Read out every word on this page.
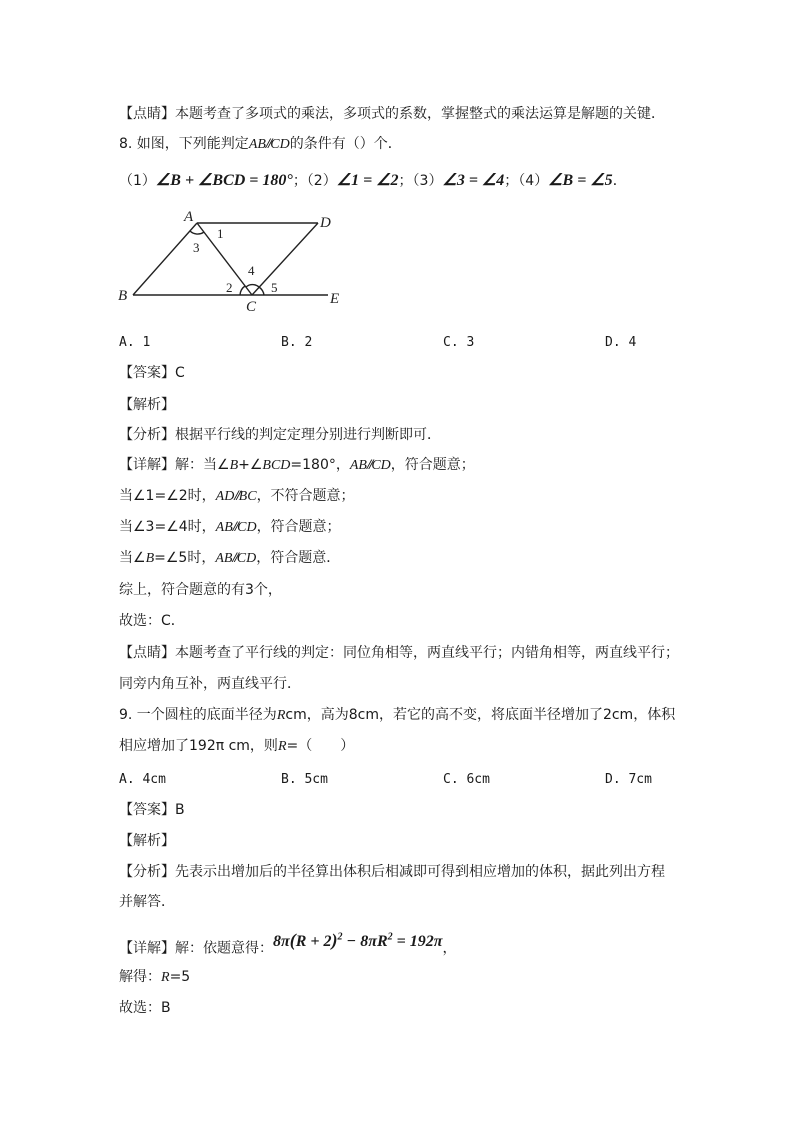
【点睛】本题考查了多项式的乘法，多项式的系数，掌握整式的乘法运算是解题的关键．
8. 如图，下列能判定AB//CD的条件有（）个．
（1）∠B + ∠BCD = 180°；（2）∠1 = ∠2；（3）∠3 = ∠4；（4）∠B = ∠5．
A
B
C
D
E
1
2
3
4
5
A. 1	B. 2	C. 3	D. 4
【答案】C
【解析】
【分析】根据平行线的判定定理分别进行判断即可．
【详解】解：当∠B+∠BCD=180°，AB//CD，符合题意；
当∠1=∠2时，AD//BC，不符合题意；
当∠3=∠4时，AB//CD，符合题意；
当∠B=∠5时，AB//CD，符合题意．
综上，符合题意的有3个，
故选：C．
【点睛】本题考查了平行线的判定：同位角相等，两直线平行；内错角相等，两直线平行；
同旁内角互补，两直线平行．
9. 一个圆柱的底面半径为Rcm，高为8cm，若它的高不变，将底面半径增加了2cm，体积
相应增加了192π cm，则R=（　　）
A. 4cm	B. 5cm	C. 6cm	D. 7cm
【答案】B
【解析】
【分析】先表示出增加后的半径算出体积后相减即可得到相应增加的体积，据此列出方程
并解答．
【详解】解：依题意得：$8\pi(R + 2)^2 - 8\pi R^2 = 192\pi$，
解得：R=5
故选：B
